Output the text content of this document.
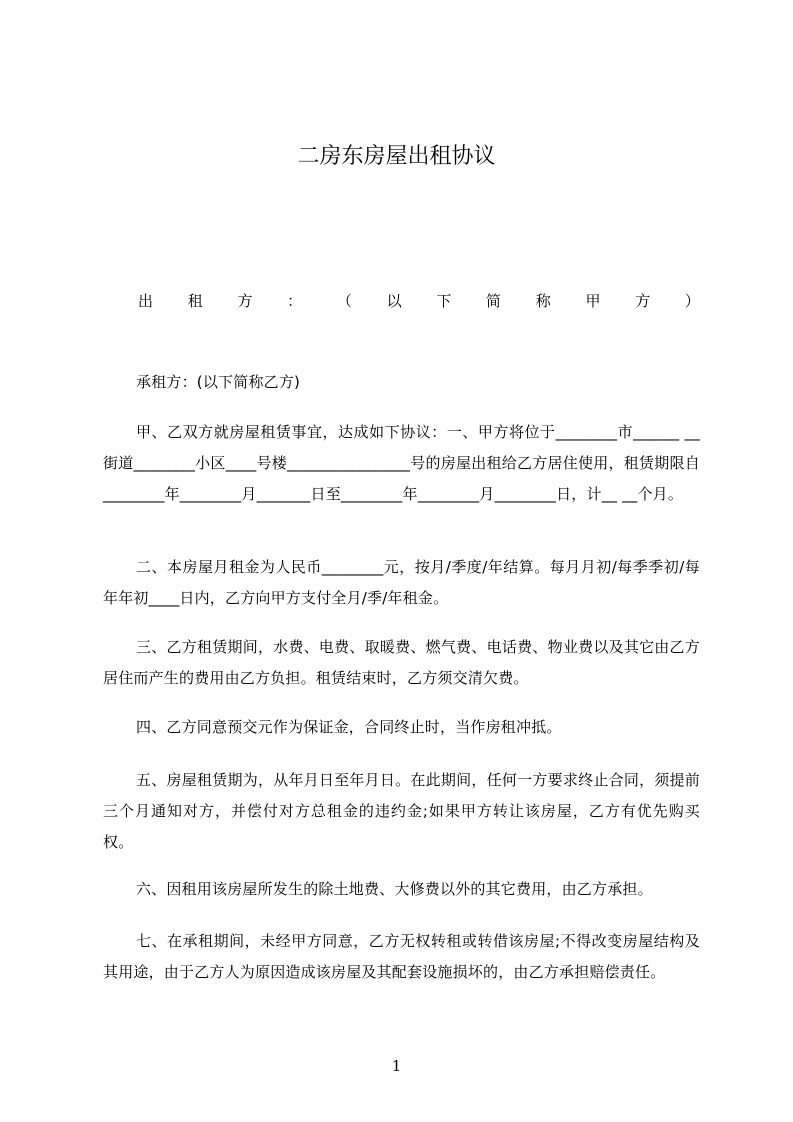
二房东房屋出租协议
出 租 方 ： （ 以 下 简 称 甲 方 ）

承租方：(以下简称乙方)

甲、乙双方就房屋租赁事宜，达成如下协议：一、甲方将位于________市______ __街道________小区____号楼________________号的房屋出租给乙方居住使用，租赁期限自________年________月_______日至________年________月________日，计__ __个月。

二、本房屋月租金为人民币________元，按月/季度/年结算。每月月初/每季季初/每年年初____日内，乙方向甲方支付全月/季/年租金。

三、乙方租赁期间，水费、电费、取暖费、燃气费、电话费、物业费以及其它由乙方居住而产生的费用由乙方负担。租赁结束时，乙方须交清欠费。

四、乙方同意预交元作为保证金，合同终止时，当作房租冲抵。

五、房屋租赁期为，从年月日至年月日。在此期间，任何一方要求终止合同，须提前三个月通知对方，并偿付对方总租金的违约金;如果甲方转让该房屋，乙方有优先购买权。

六、因租用该房屋所发生的除土地费、大修费以外的其它费用，由乙方承担。

七、在承租期间，未经甲方同意，乙方无权转租或转借该房屋;不得改变房屋结构及其用途，由于乙方人为原因造成该房屋及其配套设施损坏的，由乙方承担赔偿责任。

1
